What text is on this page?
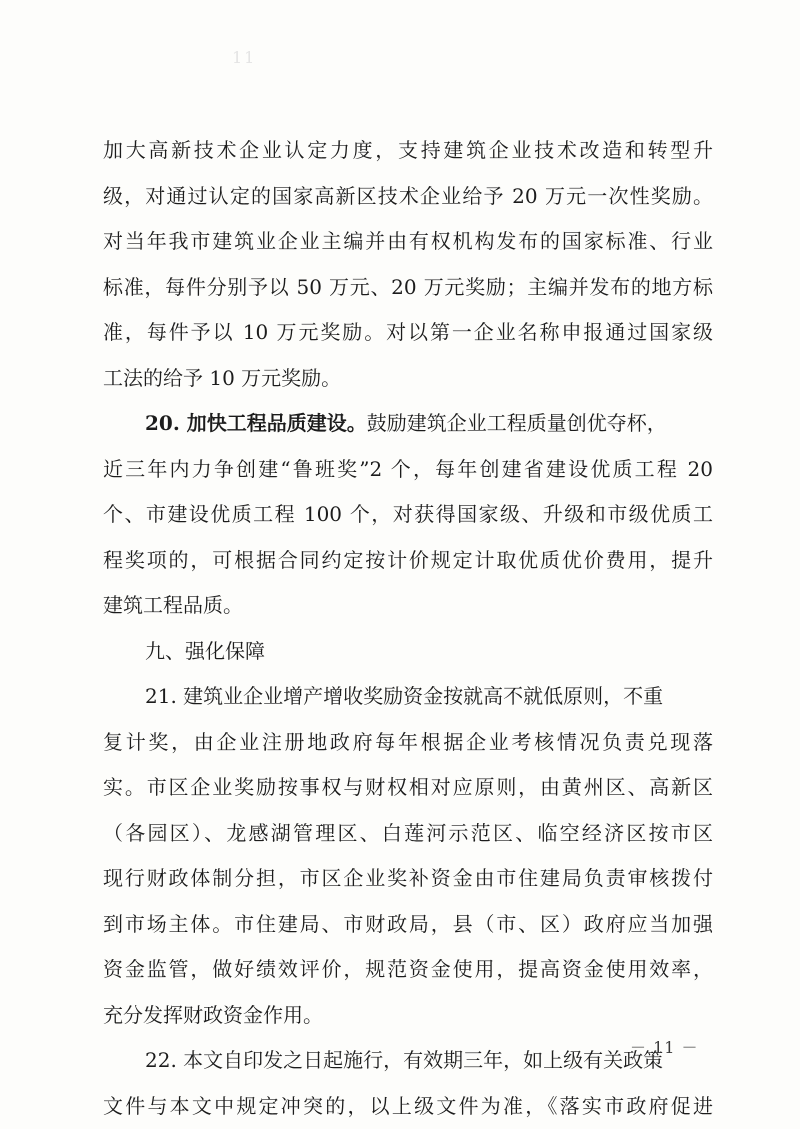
11
加大高新技术企业认定力度，支持建筑企业技术改造和转型升
级，对通过认定的国家高新区技术企业给予 20 万元一次性奖励。
对当年我市建筑业企业主编并由有权机构发布的国家标准、行业
标准，每件分别予以 50 万元、20 万元奖励；主编并发布的地方标
准，每件予以 10 万元奖励。对以第一企业名称申报通过国家级
工法的给予 10 万元奖励。
20. 加快工程品质建设。鼓励建筑企业工程质量创优夺杯，
近三年内力争创建“鲁班奖”2 个，每年创建省建设优质工程 20
个、市建设优质工程 100 个，对获得国家级、升级和市级优质工
程奖项的，可根据合同约定按计价规定计取优质优价费用，提升
建筑工程品质。
九、强化保障
21. 建筑业企业增产增收奖励资金按就高不就低原则，不重
复计奖，由企业注册地政府每年根据企业考核情况负责兑现落
实。市区企业奖励按事权与财权相对应原则，由黄州区、高新区
（各园区）、龙感湖管理区、白莲河示范区、临空经济区按市区
现行财政体制分担，市区企业奖补资金由市住建局负责审核拨付
到市场主体。市住建局、市财政局，县（市、区）政府应当加强
资金监管，做好绩效评价，规范资金使用，提高资金使用效率，
充分发挥财政资金作用。
22. 本文自印发之日起施行，有效期三年，如上级有关政策
文件与本文中规定冲突的，以上级文件为准，《落实市政府促进
－ 11 －
